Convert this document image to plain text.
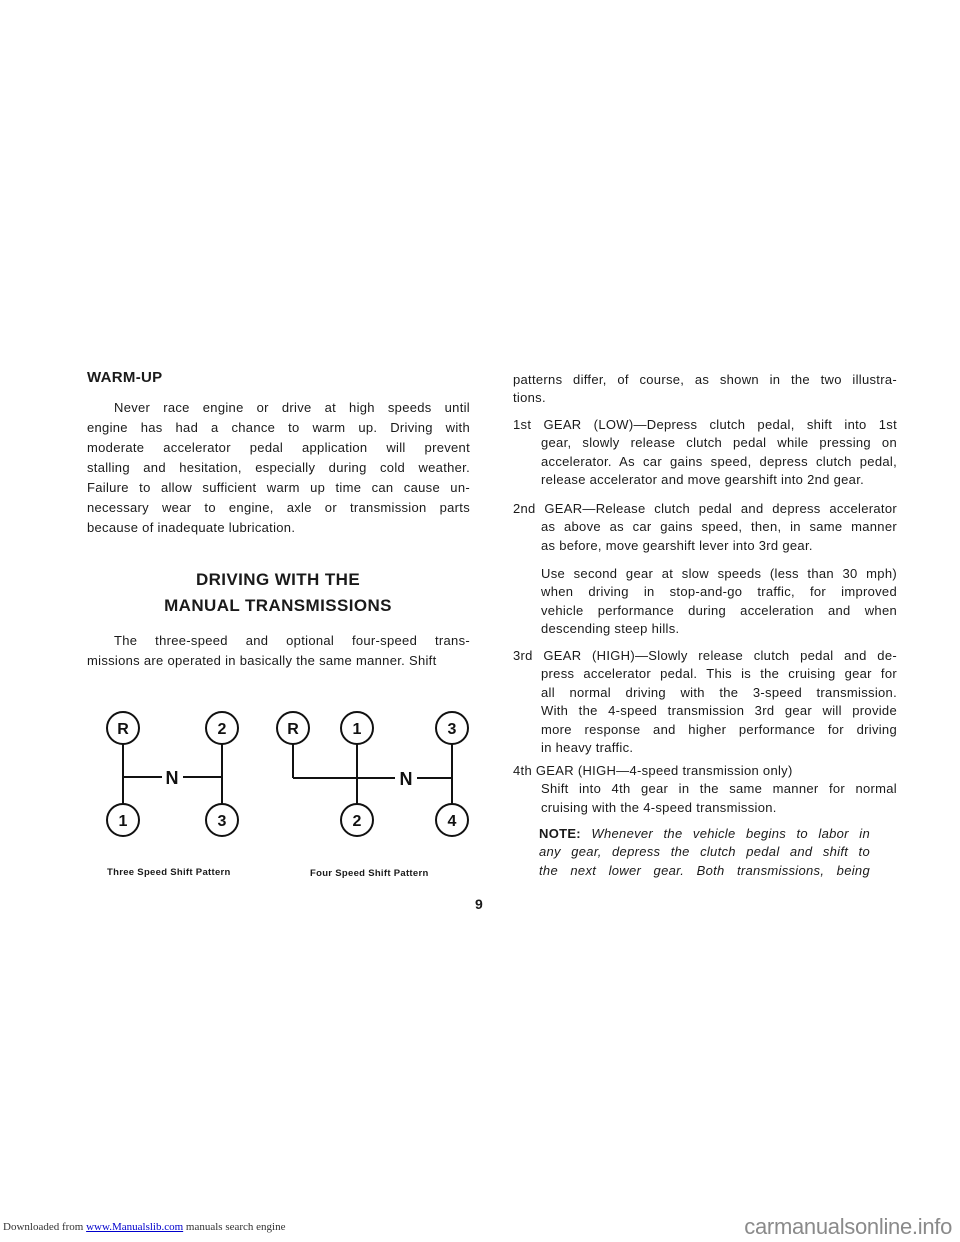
WARM-UP
Never race engine or drive at high speeds until
engine has had a chance to warm up. Driving with
moderate accelerator pedal application will prevent
stalling and hesitation, especially during cold weather.
Failure to allow sufficient warm up time can cause un-
necessary wear to engine, axle or transmission parts
because of inadequate lubrication.
DRIVING WITH THE
MANUAL TRANSMISSIONS
The three-speed and optional four-speed trans-
missions are operated in basically the same manner. Shift
R	2
1	3
N
R	1	3
2	4
N
Three Speed Shift Pattern	Four Speed Shift Pattern
patterns differ, of course, as shown in the two illustra-
tions.
1st GEAR (LOW)—Depress clutch pedal, shift into 1st
gear, slowly release clutch pedal while pressing on
accelerator. As car gains speed, depress clutch pedal,
release accelerator and move gearshift into 2nd gear.
2nd GEAR—Release clutch pedal and depress accelerator
as above as car gains speed, then, in same manner
as before, move gearshift lever into 3rd gear.
Use second gear at slow speeds (less than 30 mph)
when driving in stop-and-go traffic, for improved
vehicle performance during acceleration and when
descending steep hills.
3rd GEAR (HIGH)—Slowly release clutch pedal and de-
press accelerator pedal. This is the cruising gear for
all normal driving with the 3-speed transmission.
With the 4-speed transmission 3rd gear will provide
more response and higher performance for driving
in heavy traffic.
4th GEAR (HIGH—4-speed transmission only)
Shift into 4th gear in the same manner for normal
cruising with the 4-speed transmission.
NOTE: Whenever the vehicle begins to labor in
any gear, depress the clutch pedal and shift to
the next lower gear. Both transmissions, being
9
Downloaded from www.Manualslib.com manuals search engine	carmanualsonline.info
